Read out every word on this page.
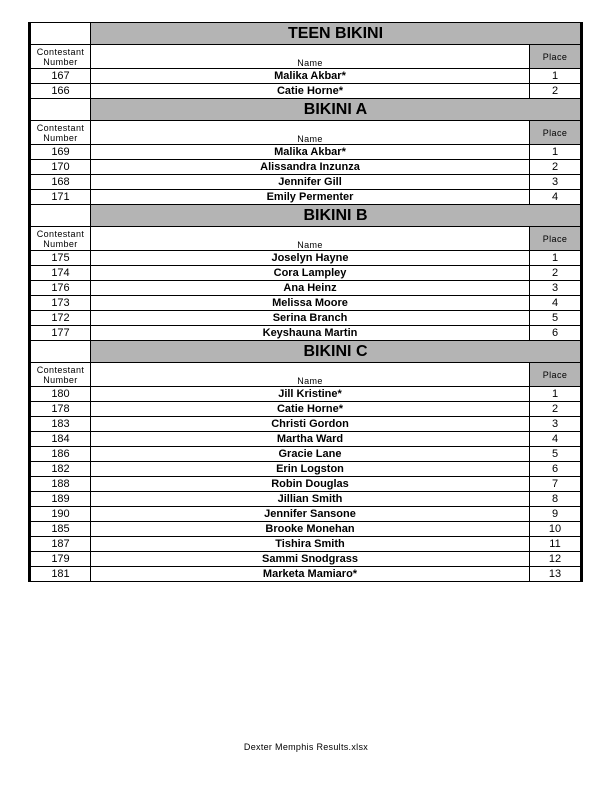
	TEEN BIKINI	
Contestant Number	Name	Place
167	Malika Akbar*	1
166	Catie Horne*	2
	BIKINI A	
Contestant Number	Name	Place
169	Malika Akbar*	1
170	Alissandra Inzunza	2
168	Jennifer Gill	3
171	Emily Permenter	4
	BIKINI B	
Contestant Number	Name	Place
175	Joselyn Hayne	1
174	Cora Lampley	2
176	Ana Heinz	3
173	Melissa Moore	4
172	Serina Branch	5
177	Keyshauna Martin	6
	BIKINI C	
Contestant Number	Name	Place
180	Jill Kristine*	1
178	Catie Horne*	2
183	Christi Gordon	3
184	Martha Ward	4
186	Gracie Lane	5
182	Erin Logston	6
188	Robin Douglas	7
189	Jillian Smith	8
190	Jennifer Sansone	9
185	Brooke Monehan	10
187	Tishira Smith	11
179	Sammi Snodgrass	12
181	Marketa Mamiaro*	13
Dexter Memphis Results.xlsx
